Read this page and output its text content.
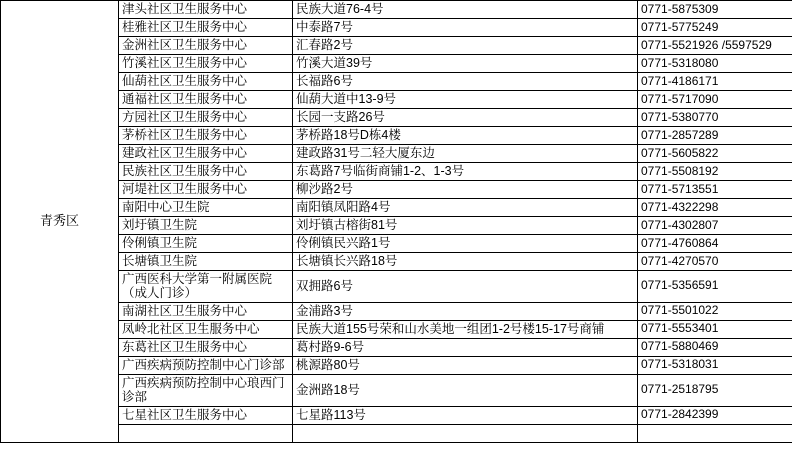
青秀区	津头社区卫生服务中心	民族大道76-4号	0771-5875309
	桂雅社区卫生服务中心	中泰路7号	0771-5775249
	金洲社区卫生服务中心	汇春路2号	0771-5521926 /5597529
	竹溪社区卫生服务中心	竹溪大道39号	0771-5318080
	仙葫社区卫生服务中心	长福路6号	0771-4186171
	通福社区卫生服务中心	仙葫大道中13-9号	0771-5717090
	方园社区卫生服务中心	长园一支路26号	0771-5380770
	茅桥社区卫生服务中心	茅桥路18号D栋4楼	0771-2857289
	建政社区卫生服务中心	建政路31号二轻大厦东边	0771-5605822
	民族社区卫生服务中心	东葛路7号临街商铺1-2、1-3号	0771-5508192
	河堤社区卫生服务中心	柳沙路2号	0771-5713551
	南阳中心卫生院	南阳镇凤阳路4号	0771-4322298
	刘圩镇卫生院	刘圩镇古榕街81号	0771-4302807
	伶俐镇卫生院	伶俐镇民兴路1号	0771-4760864
	长塘镇卫生院	长塘镇长兴路18号	0771-4270570
	广西医科大学第一附属医院（成人门诊）	双拥路6号	0771-5356591
	南湖社区卫生服务中心	金浦路3号	0771-5501022
	凤岭北社区卫生服务中心	民族大道155号荣和山水美地一组团1-2号楼15-17号商铺	0771-5553401
	东葛社区卫生服务中心	葛村路9-6号	0771-5880469
	广西疾病预防控制中心门诊部	桃源路80号	0771-5318031
	广西疾病预防控制中心琅西门诊部	金洲路18号	0771-2518795
	七星社区卫生服务中心	七星路113号	0771-2842399
